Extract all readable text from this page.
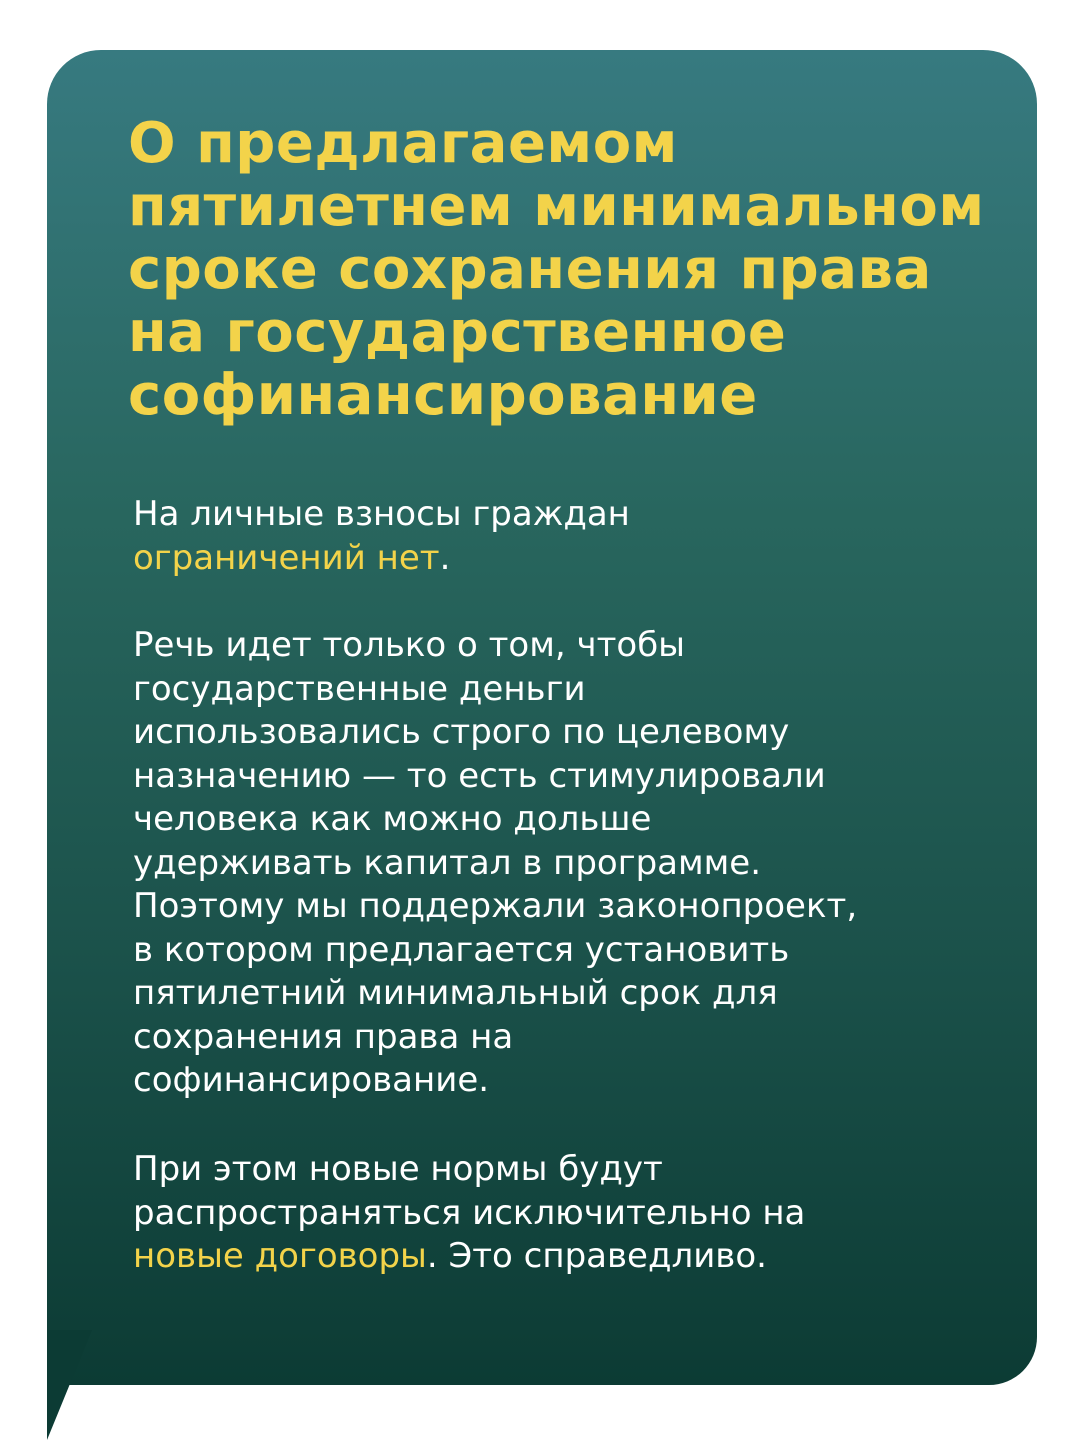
О предлагаемом
пятилетнем минимальном
сроке сохранения права
на государственное
софинансирование
На личные взносы граждан
ограничений нет.
Речь идет только о том, чтобы
государственные деньги
использовались строго по целевому
назначению — то есть стимулировали
человека как можно дольше
удерживать капитал в программе.
Поэтому мы поддержали законопроект,
в котором предлагается установить
пятилетний минимальный срок для
сохранения права на
софинансирование.
При этом новые нормы будут
распространяться исключительно на
новые договоры. Это справедливо.
